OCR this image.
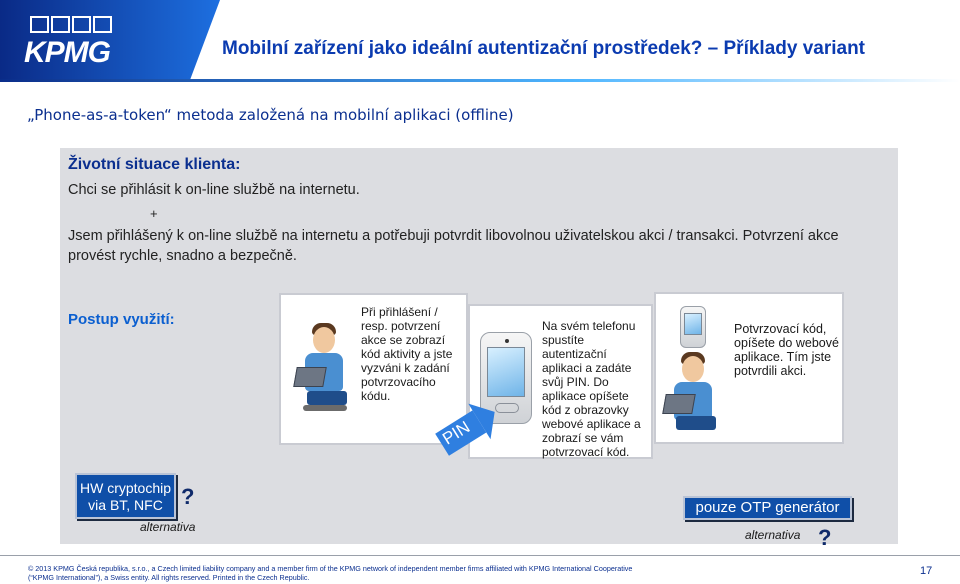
KPMG	Mobilní zařízení jako ideální autentizační prostředek? – Příklady variant
„Phone-as-a-token“ metoda založená na mobilní aplikaci (offline)
Životní situace klienta:
Chci se přihlásit k on-line službě na internetu.
+
Jsem přihlášený k on-line službě na internetu a potřebuji potvrdit libovolnou uživatelskou akci / transakci. Potvrzení akce provést rychle, snadno a bezpečně.
Postup využití:	Při přihlášení / resp. potvrzení akce se zobrazí kód aktivity a jste vyzváni k zadání potvrzovacího kódu.
Na svém telefonu spustíte autentizační aplikaci a zadáte svůj PIN. Do aplikace opíšete kód z obrazovky webové aplikace a zobrazí se vám potvrzovací kód.
PIN
Potvrzovací kód, opíšete do webové aplikace. Tím jste potvrdili akci.
HW cryptochip via BT, NFC ?
alternativa
pouze OTP generátor
alternativa ?
© 2013 KPMG Česká republika, s.r.o., a Czech limited liability company and a member firm of the KPMG network of independent member firms affiliated with KPMG International Cooperative (“KPMG International”), a Swiss entity. All rights reserved. Printed in the Czech Republic.
17
